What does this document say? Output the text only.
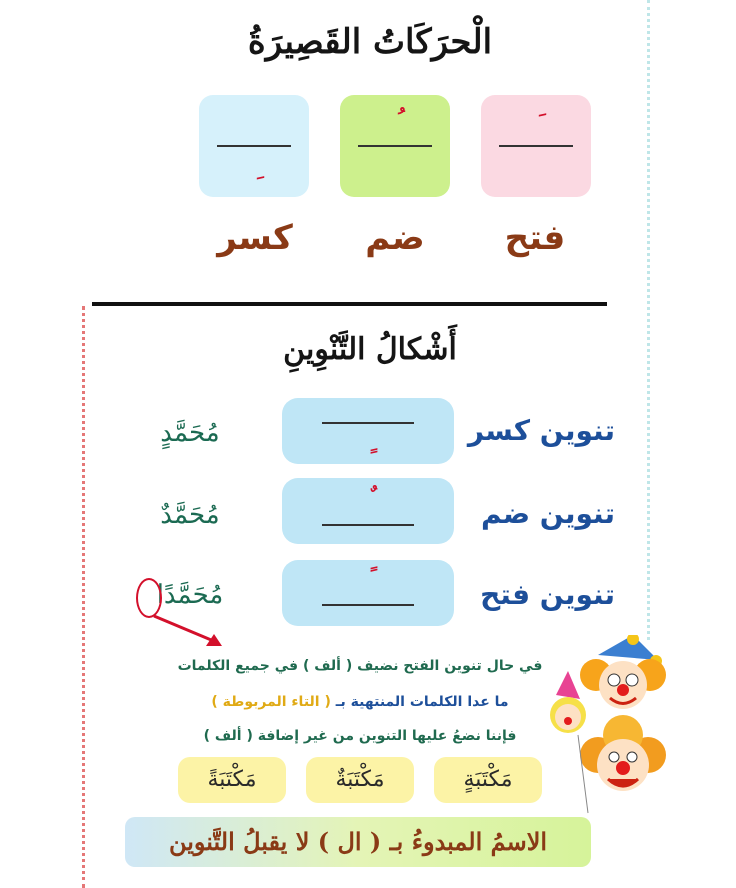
الْحرَكَاتُ القَصِيرَةُ
فتح
ضم
كسر
أَشْكالُ التَّنْوِينِ
تنوين كسر
مُحَمَّدٍ
تنوين ضم
مُحَمَّدٌ
تنوين فتح
مُحَمَّدًا
في حال تنوين الفتح نضيف ( ألف ) في جميع الكلمات
ما عدا الكلمات المنتهية بـ ( التاء المربوطة )
فإننا نضعُ عليها التنوين من غير إضافة ( ألف )
مَكْتَبَةٍ
مَكْتَبَةٌ
مَكْتَبَةً
الاسمُ المبدوءُ بـ ( ال ) لا يقبلُ التَّنوين
